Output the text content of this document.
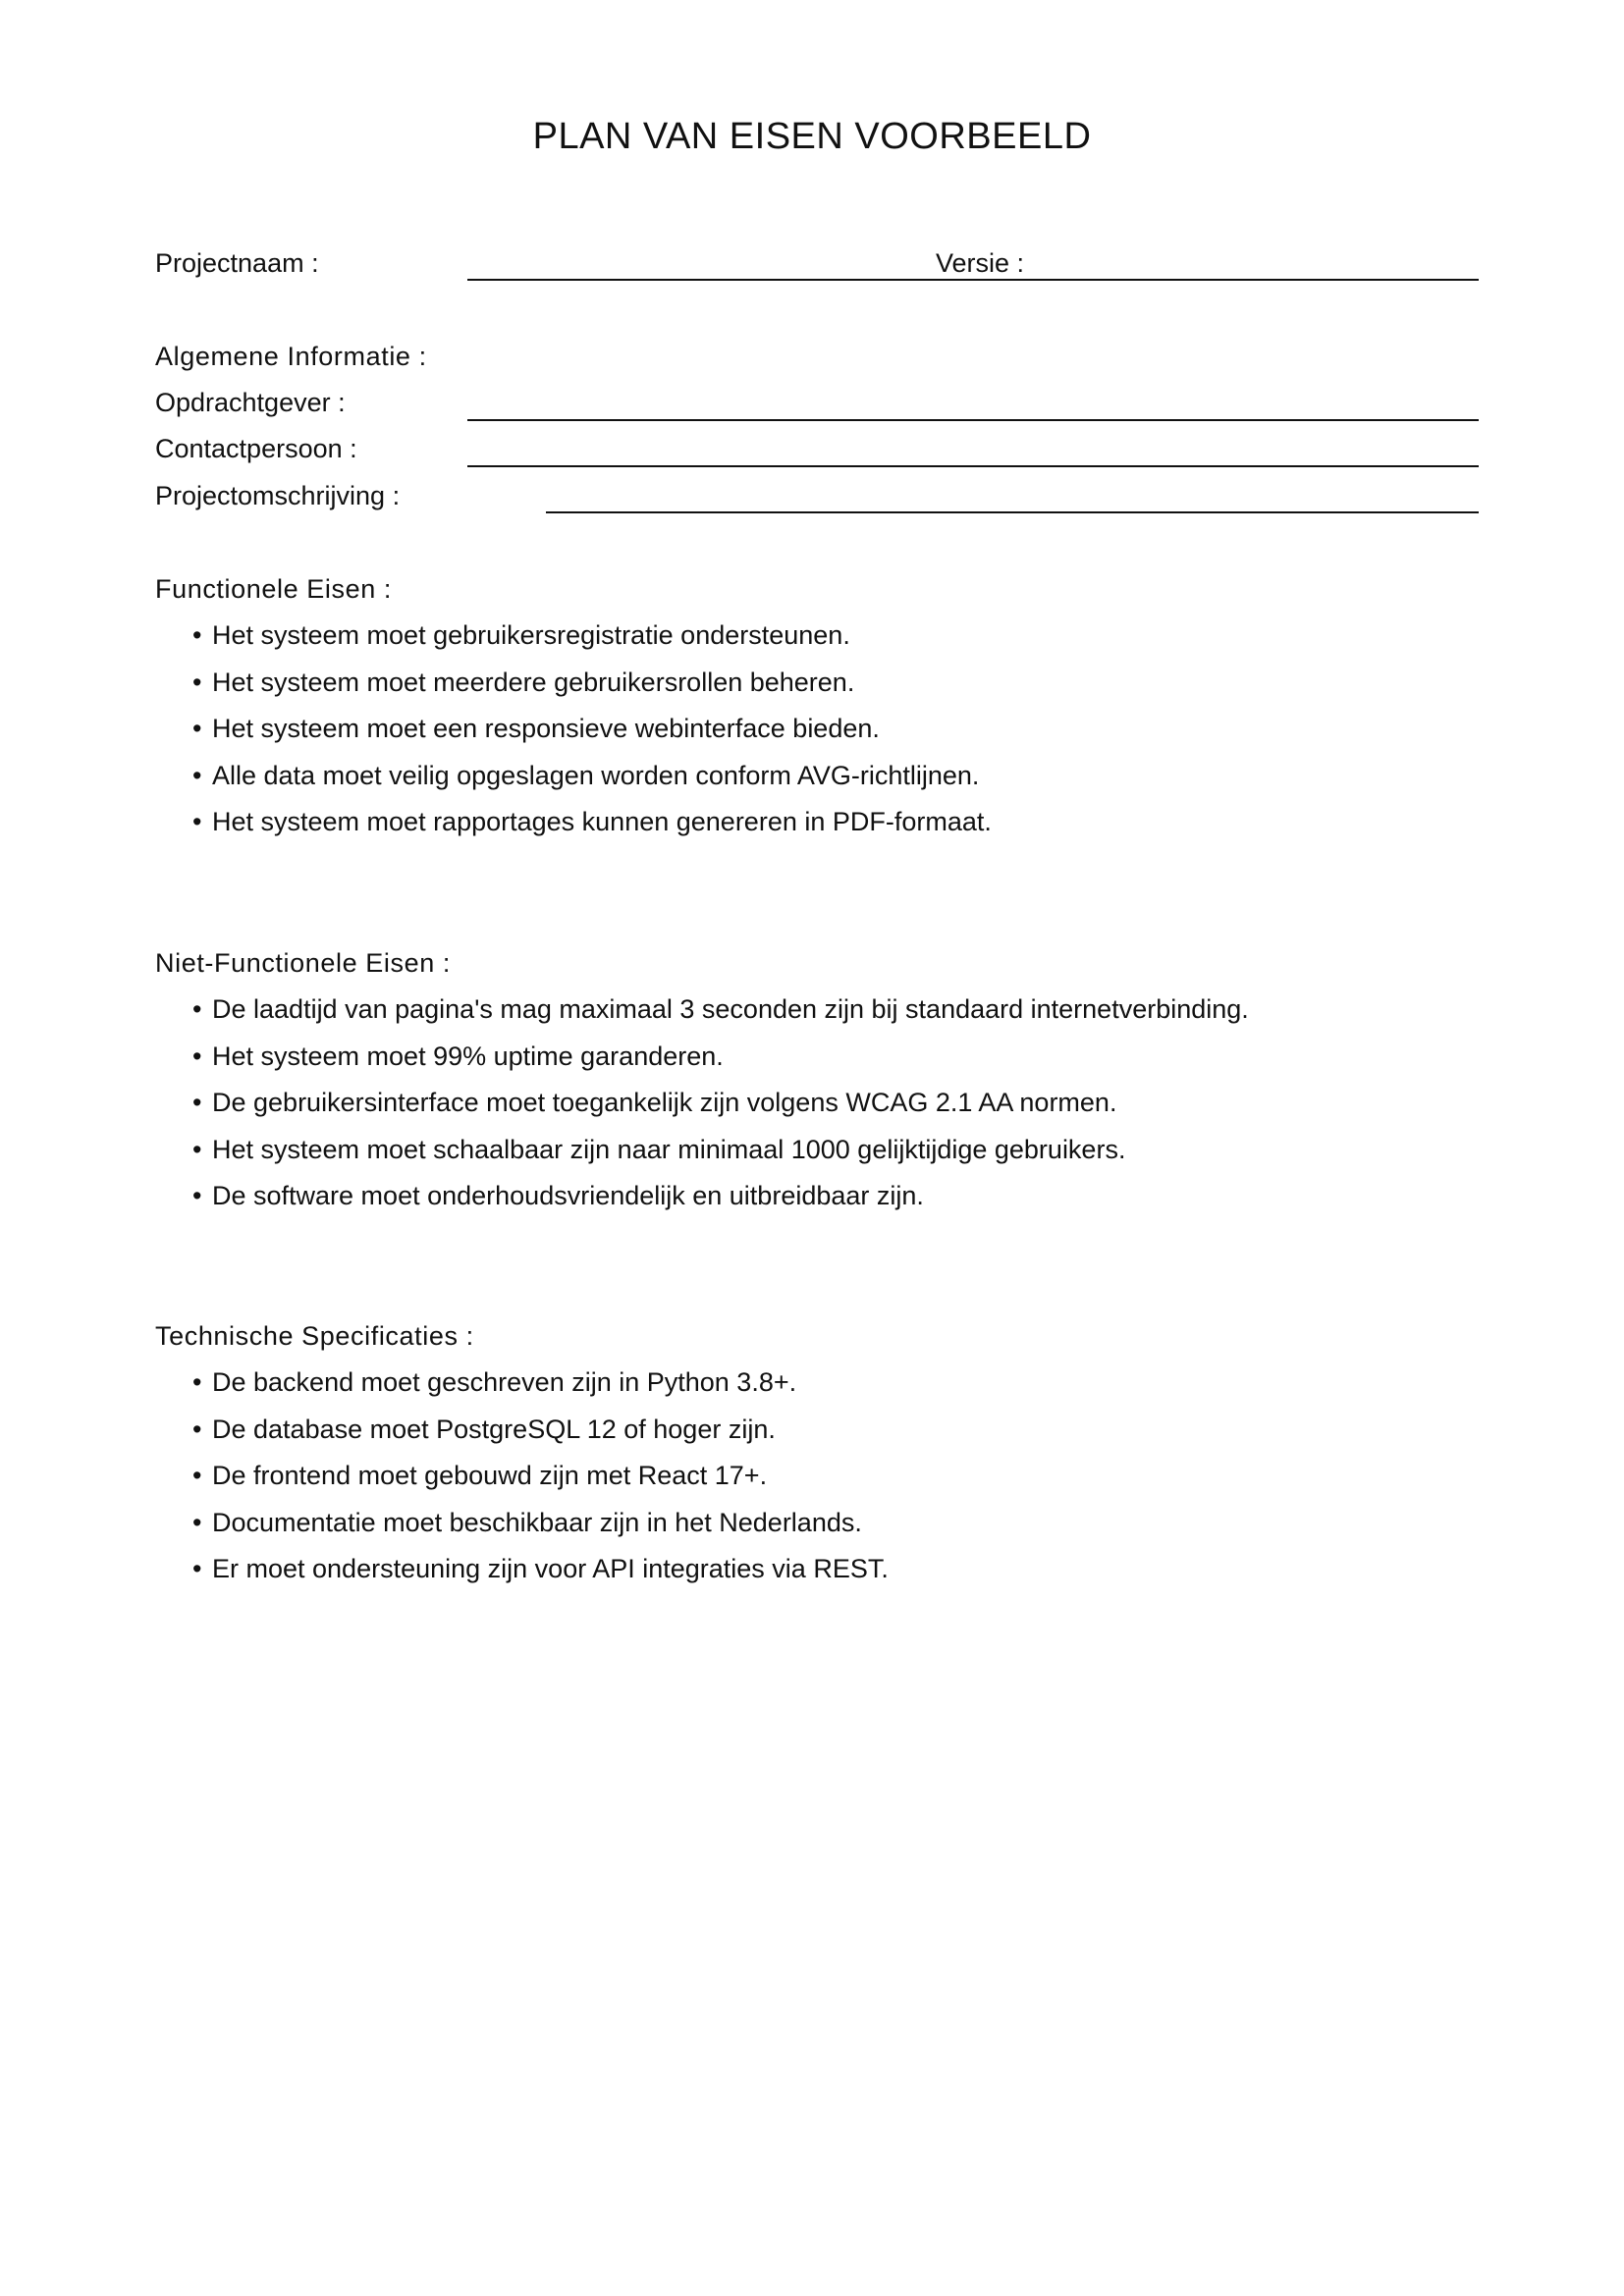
PLAN VAN EISEN VOORBEELD
Projectnaam :	Versie :
Algemene Informatie :
Opdrachtgever :
Contactpersoon :
Projectomschrijving :
Functionele Eisen :
• Het systeem moet gebruikersregistratie ondersteunen.
• Het systeem moet meerdere gebruikersrollen beheren.
• Het systeem moet een responsieve webinterface bieden.
• Alle data moet veilig opgeslagen worden conform AVG-richtlijnen.
• Het systeem moet rapportages kunnen genereren in PDF-formaat.
Niet-Functionele Eisen :
• De laadtijd van pagina's mag maximaal 3 seconden zijn bij standaard internetverbinding.
• Het systeem moet 99% uptime garanderen.
• De gebruikersinterface moet toegankelijk zijn volgens WCAG 2.1 AA normen.
• Het systeem moet schaalbaar zijn naar minimaal 1000 gelijktijdige gebruikers.
• De software moet onderhoudsvriendelijk en uitbreidbaar zijn.
Technische Specificaties :
• De backend moet geschreven zijn in Python 3.8+.
• De database moet PostgreSQL 12 of hoger zijn.
• De frontend moet gebouwd zijn met React 17+.
• Documentatie moet beschikbaar zijn in het Nederlands.
• Er moet ondersteuning zijn voor API integraties via REST.
